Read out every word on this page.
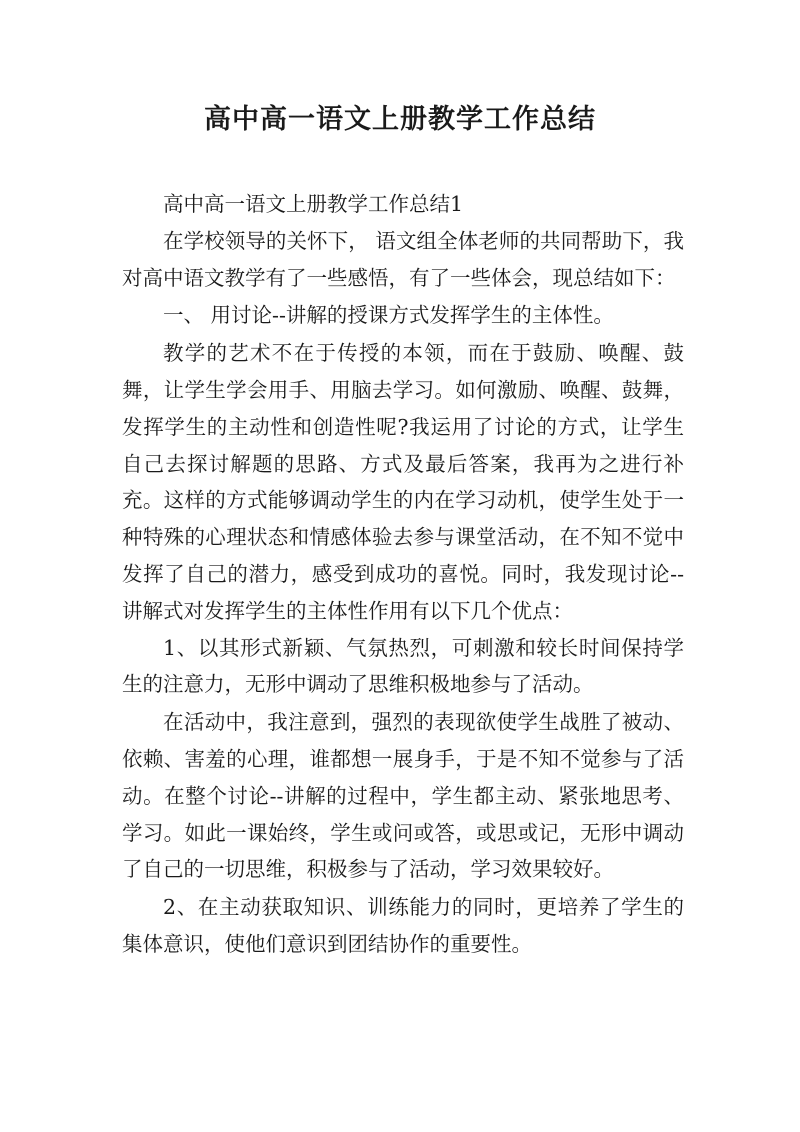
高中高一语文上册教学工作总结

高中高一语文上册教学工作总结1

在学校领导的关怀下， 语文组全体老师的共同帮助下，我对高中语文教学有了一些感悟，有了一些体会，现总结如下：

一、 用讨论--讲解的授课方式发挥学生的主体性。

教学的艺术不在于传授的本领，而在于鼓励、唤醒、鼓舞，让学生学会用手、用脑去学习。如何激励、唤醒、鼓舞，发挥学生的主动性和创造性呢?我运用了讨论的方式，让学生自己去探讨解题的思路、方式及最后答案，我再为之进行补充。这样的方式能够调动学生的内在学习动机，使学生处于一种特殊的心理状态和情感体验去参与课堂活动，在不知不觉中发挥了自己的潜力，感受到成功的喜悦。同时，我发现讨论--讲解式对发挥学生的主体性作用有以下几个优点：

1、以其形式新颖、气氛热烈，可刺激和较长时间保持学生的注意力，无形中调动了思维积极地参与了活动。

在活动中，我注意到，强烈的表现欲使学生战胜了被动、依赖、害羞的心理，谁都想一展身手，于是不知不觉参与了活动。在整个讨论--讲解的过程中，学生都主动、紧张地思考、学习。如此一课始终，学生或问或答，或思或记，无形中调动了自己的一切思维，积极参与了活动，学习效果较好。

2、在主动获取知识、训练能力的同时，更培养了学生的集体意识，使他们意识到团结协作的重要性。
